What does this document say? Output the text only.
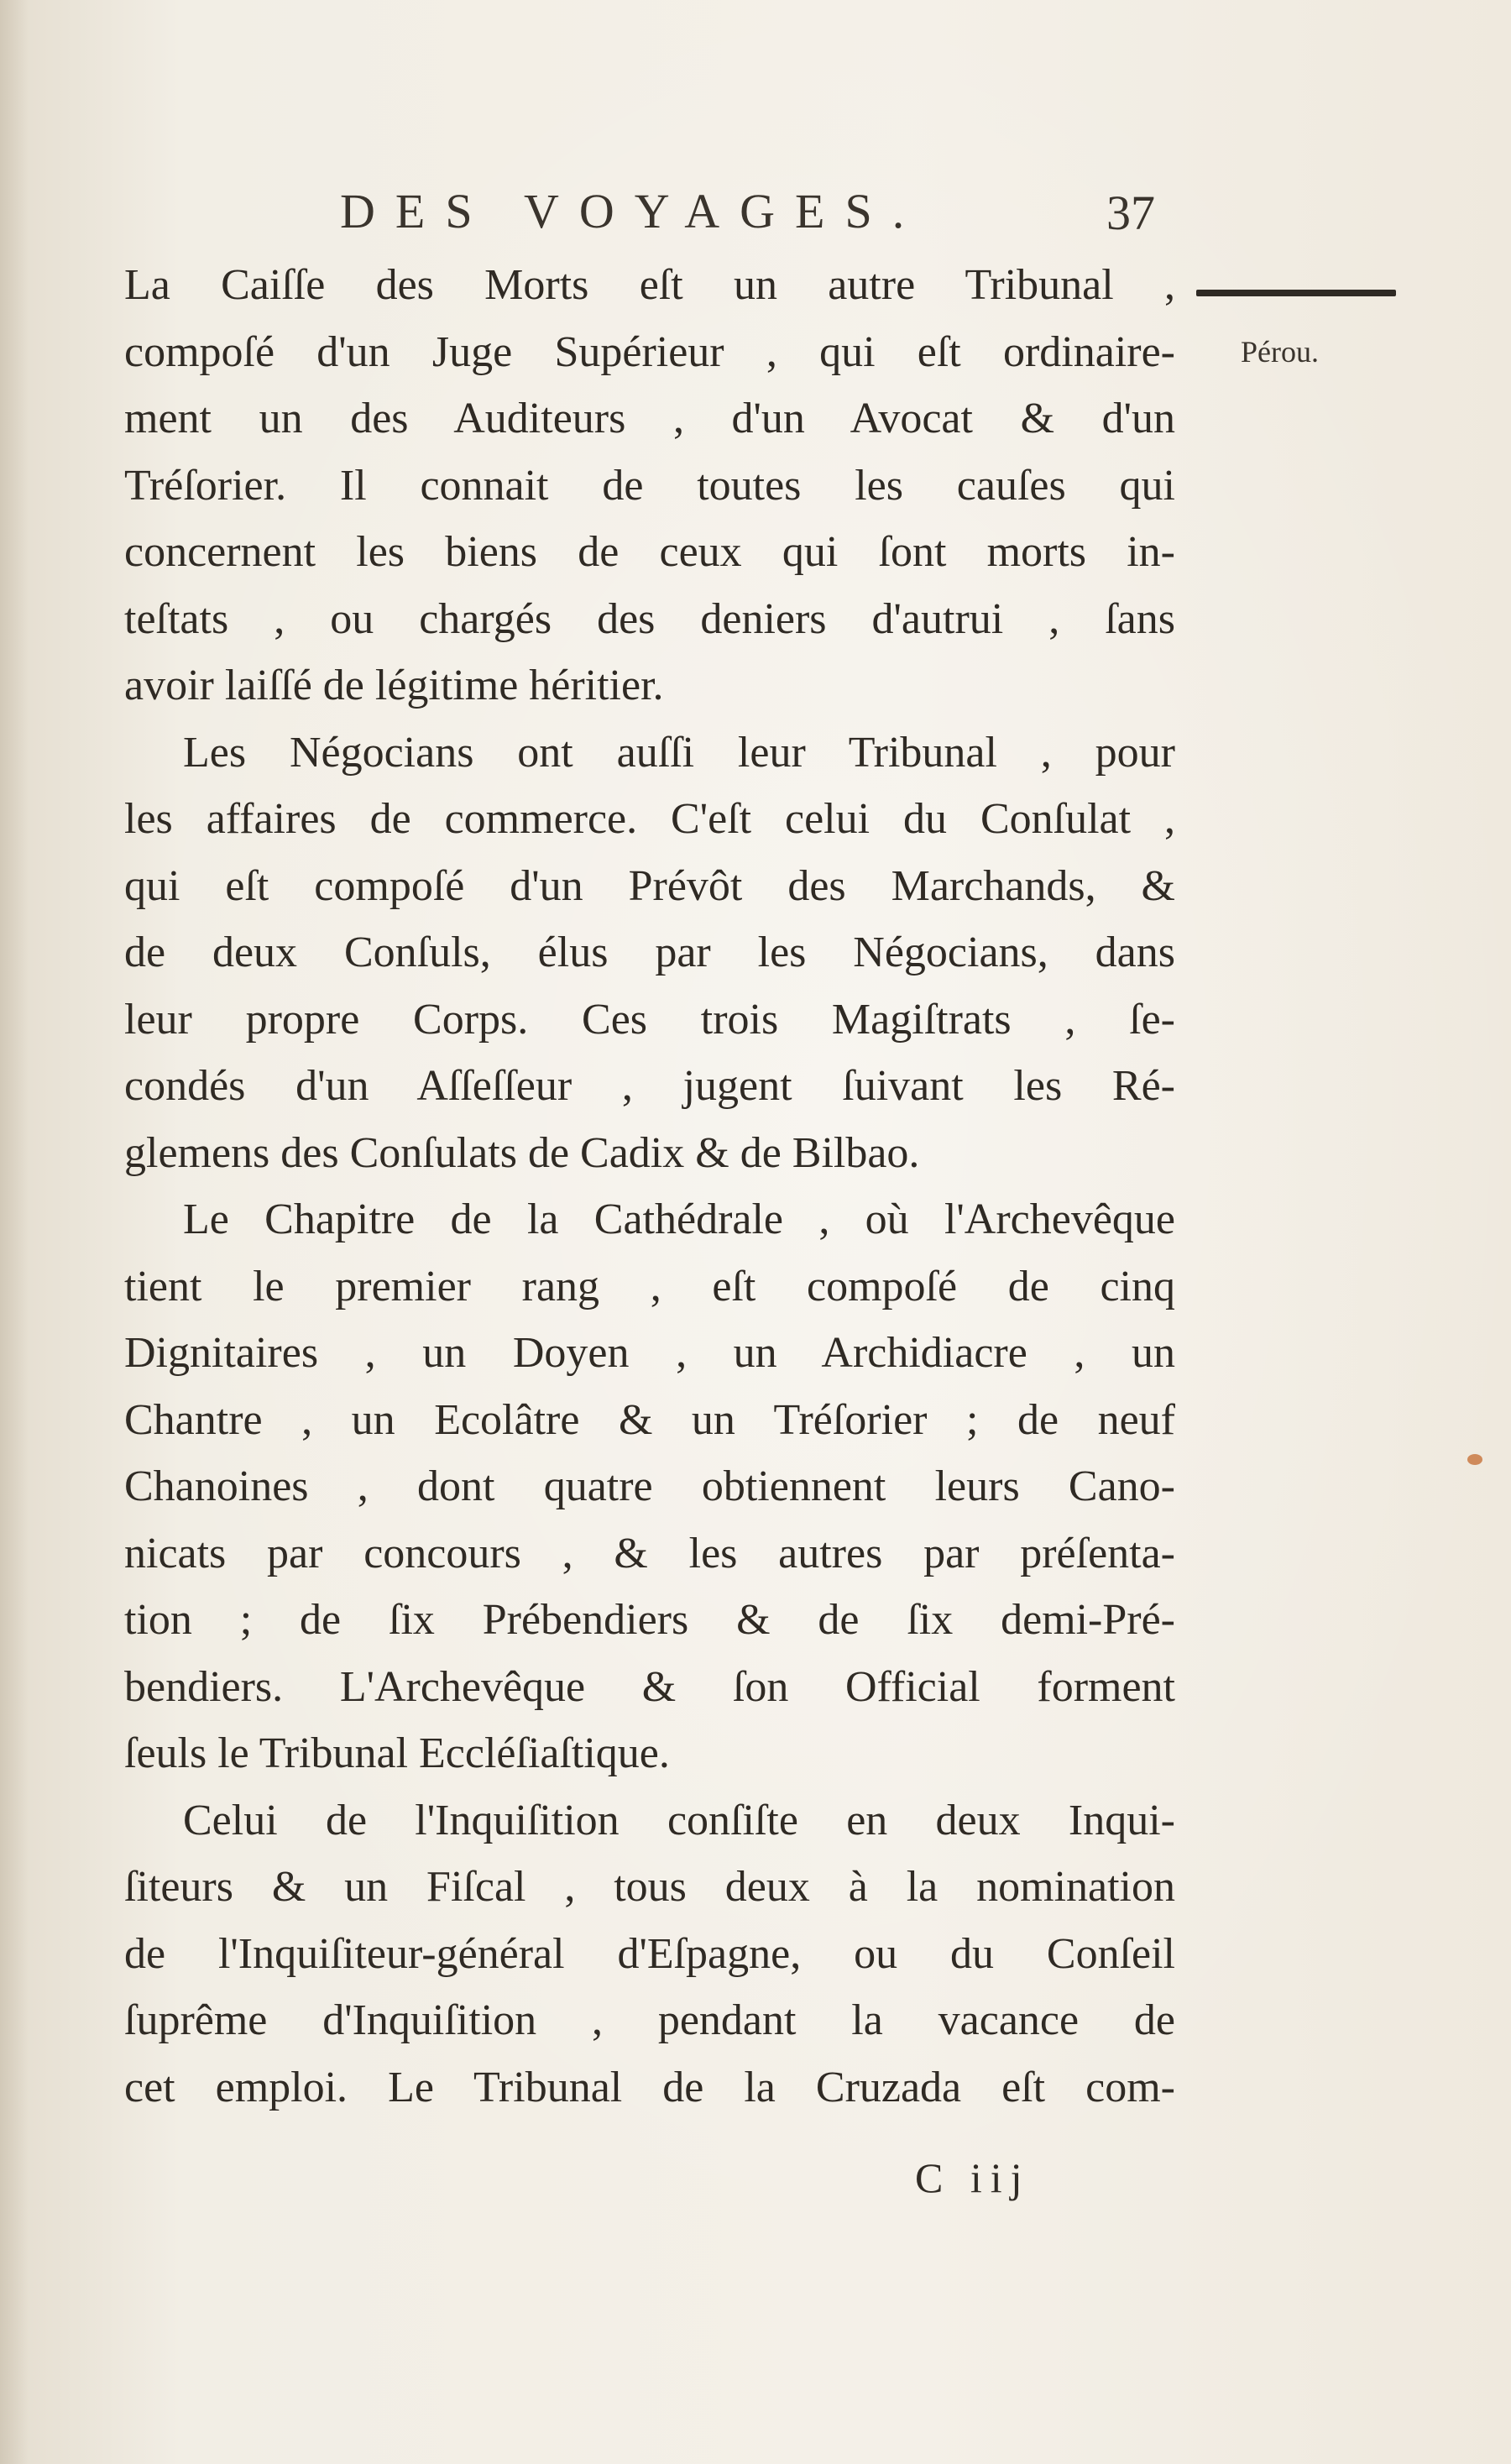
DES VOYAGES.	37
Pérou.
La Caiſſe des Morts eſt un autre Tribunal ,
compoſé d'un Juge Supérieur , qui eſt ordinaire-
ment un des Auditeurs , d'un Avocat & d'un
Tréſorier. Il connait de toutes les cauſes qui
concernent les biens de ceux qui ſont morts in-
teſtats , ou chargés des deniers d'autrui , ſans
avoir laiſſé de légitime héritier.
Les Négocians ont auſſi leur Tribunal , pour
les affaires de commerce. C'eſt celui du Conſulat ,
qui eſt compoſé d'un Prévôt des Marchands, &
de deux Conſuls, élus par les Négocians, dans
leur propre Corps. Ces trois Magiſtrats , ſe-
condés d'un Aſſeſſeur , jugent ſuivant les Ré-
glemens des Conſulats de Cadix & de Bilbao.
Le Chapitre de la Cathédrale , où l'Archevêque
tient le premier rang , eſt compoſé de cinq
Dignitaires , un Doyen , un Archidiacre , un
Chantre , un Ecolâtre & un Tréſorier ; de neuf
Chanoines , dont quatre obtiennent leurs Cano-
nicats par concours , & les autres par préſenta-
tion ; de ſix Prébendiers & de ſix demi-Pré-
bendiers. L'Archevêque & ſon Official forment
ſeuls le Tribunal Eccléſiaſtique.
Celui de l'Inquiſition conſiſte en deux Inqui-
ſiteurs & un Fiſcal , tous deux à la nomination
de l'Inquiſiteur-général d'Eſpagne, ou du Conſeil
ſuprême d'Inquiſition , pendant la vacance de
cet emploi. Le Tribunal de la Cruzada eſt com-
C iij
